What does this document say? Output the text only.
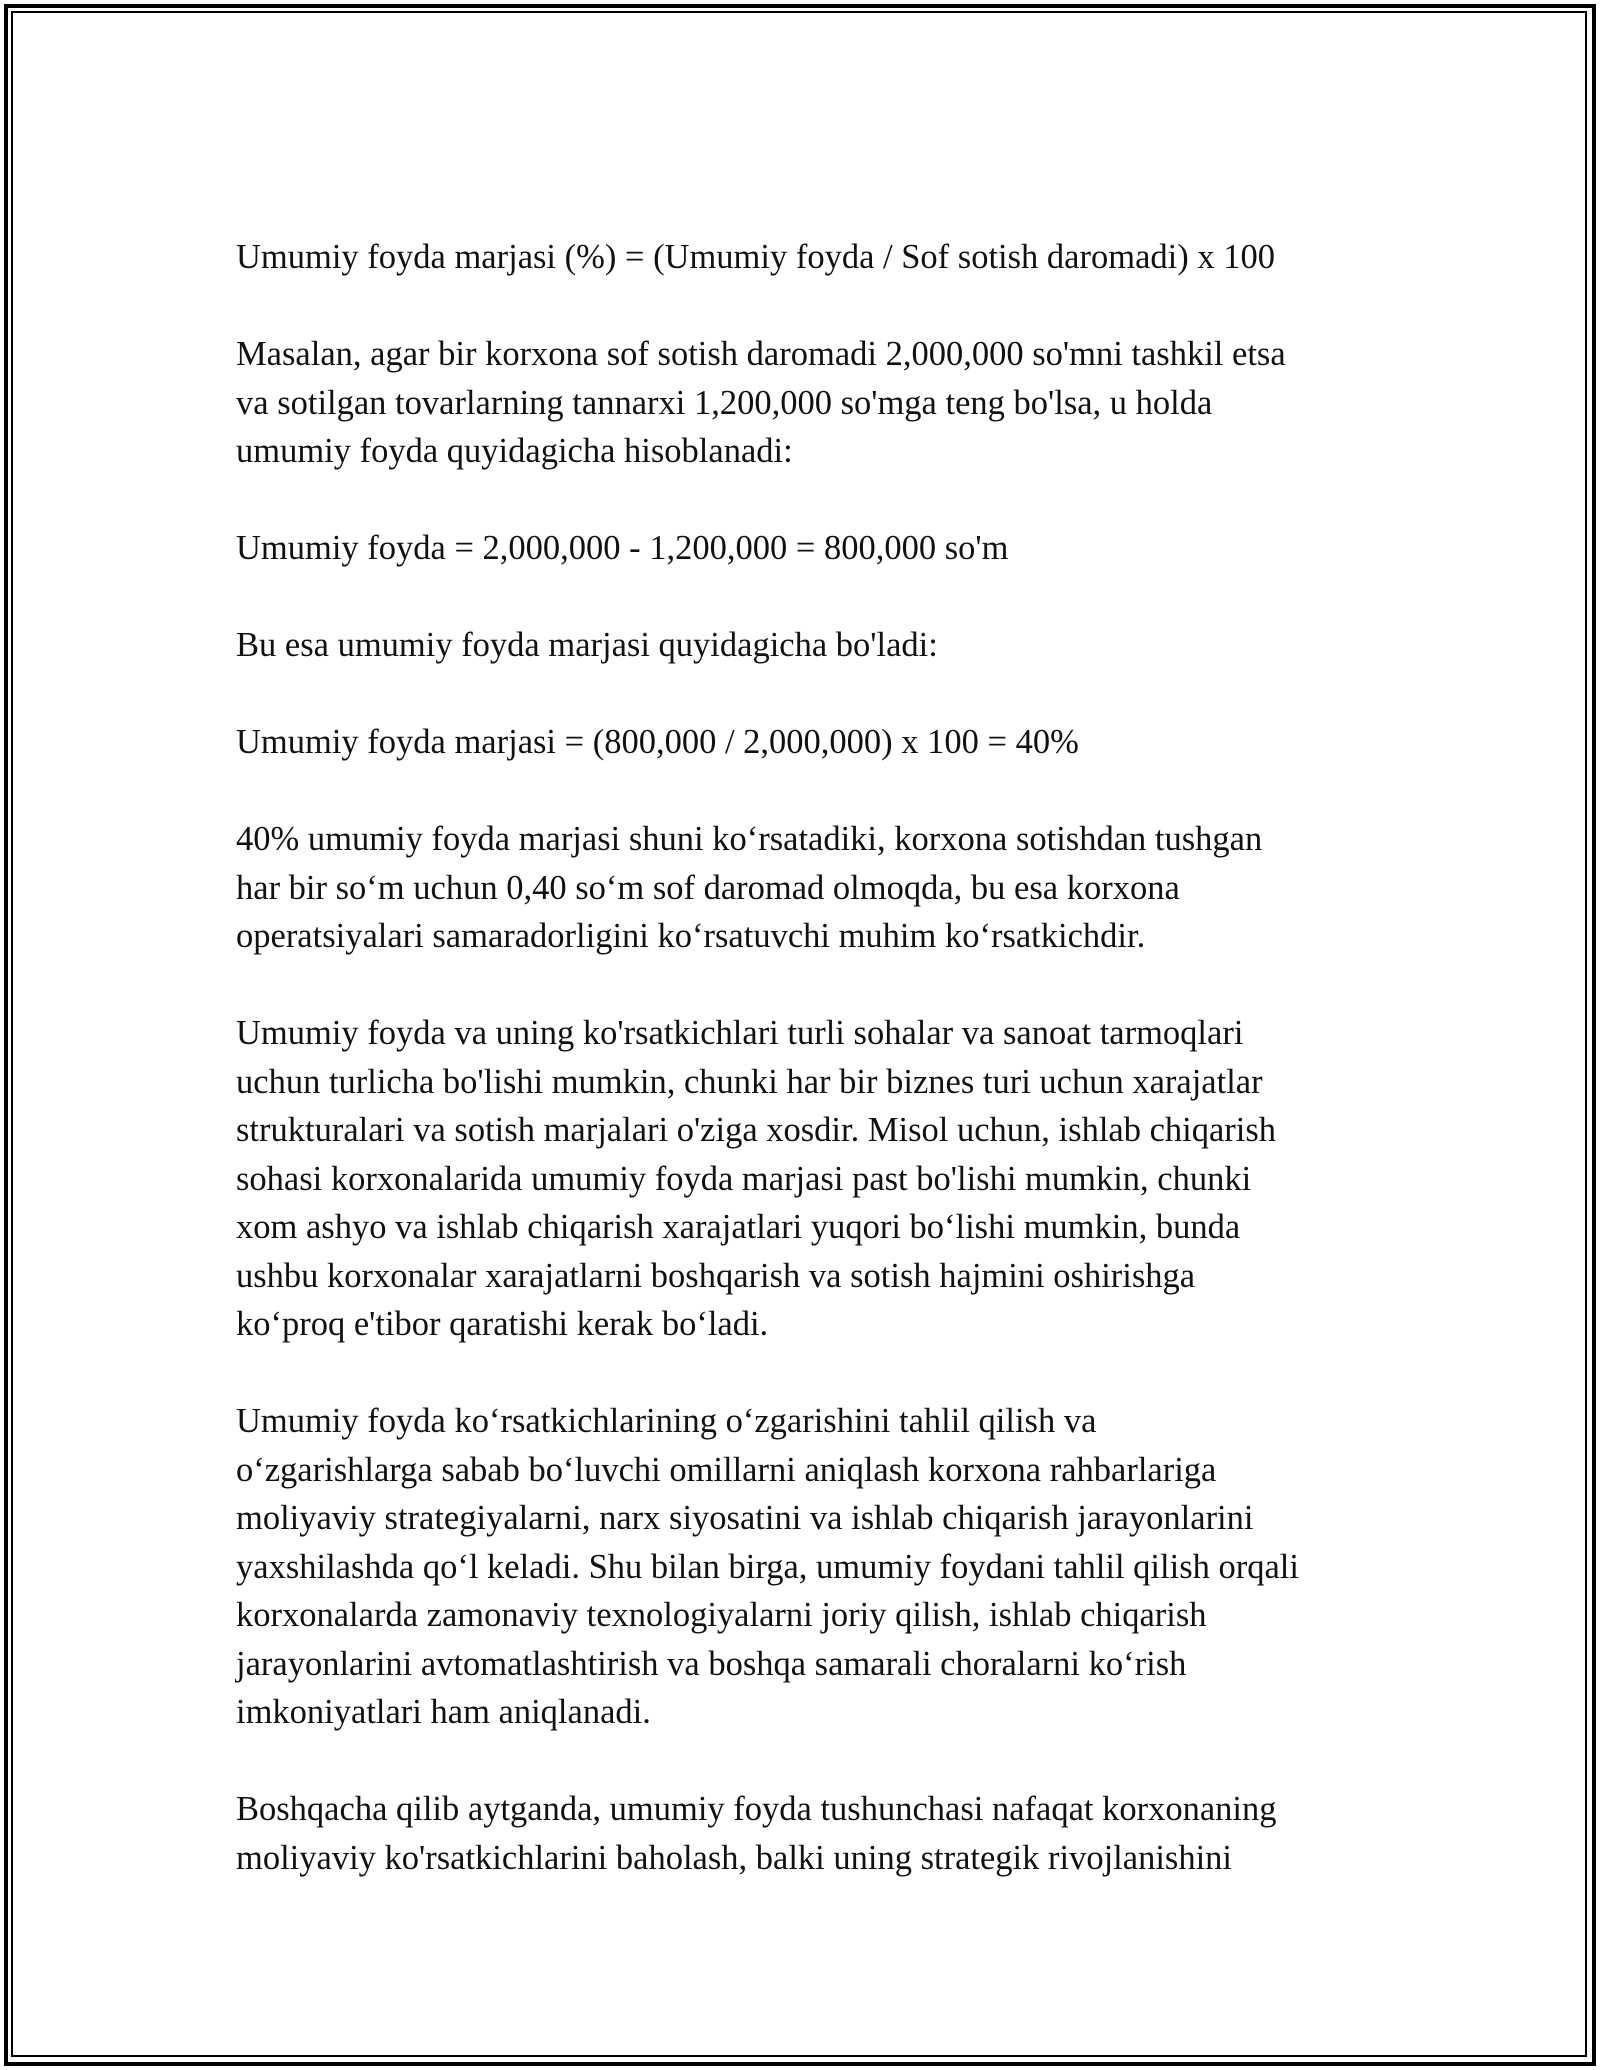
Umumiy foyda marjasi (%) = (Umumiy foyda / Sof sotish daromadi) x 100

Masalan, agar bir korxona sof sotish daromadi 2,000,000 so'mni tashkil etsa
va sotilgan tovarlarning tannarxi 1,200,000 so'mga teng bo'lsa, u holda
umumiy foyda quyidagicha hisoblanadi:

Umumiy foyda = 2,000,000 - 1,200,000 = 800,000 so'm

Bu esa umumiy foyda marjasi quyidagicha bo'ladi:

Umumiy foyda marjasi = (800,000 / 2,000,000) x 100 = 40%

40% umumiy foyda marjasi shuni ko‘rsatadiki, korxona sotishdan tushgan
har bir so‘m uchun 0,40 so‘m sof daromad olmoqda, bu esa korxona
operatsiyalari samaradorligini ko‘rsatuvchi muhim ko‘rsatkichdir.

Umumiy foyda va uning ko'rsatkichlari turli sohalar va sanoat tarmoqlari
uchun turlicha bo'lishi mumkin, chunki har bir biznes turi uchun xarajatlar
strukturalari va sotish marjalari o'ziga xosdir. Misol uchun, ishlab chiqarish
sohasi korxonalarida umumiy foyda marjasi past bo'lishi mumkin, chunki
xom ashyo va ishlab chiqarish xarajatlari yuqori bo‘lishi mumkin, bunda
ushbu korxonalar xarajatlarni boshqarish va sotish hajmini oshirishga
ko‘proq e'tibor qaratishi kerak bo‘ladi.

Umumiy foyda ko‘rsatkichlarining o‘zgarishini tahlil qilish va
o‘zgarishlarga sabab bo‘luvchi omillarni aniqlash korxona rahbarlariga
moliyaviy strategiyalarni, narx siyosatini va ishlab chiqarish jarayonlarini
yaxshilashda qo‘l keladi. Shu bilan birga, umumiy foydani tahlil qilish orqali
korxonalarda zamonaviy texnologiyalarni joriy qilish, ishlab chiqarish
jarayonlarini avtomatlashtirish va boshqa samarali choralarni ko‘rish
imkoniyatlari ham aniqlanadi.

Boshqacha qilib aytganda, umumiy foyda tushunchasi nafaqat korxonaning
moliyaviy ko'rsatkichlarini baholash, balki uning strategik rivojlanishini
